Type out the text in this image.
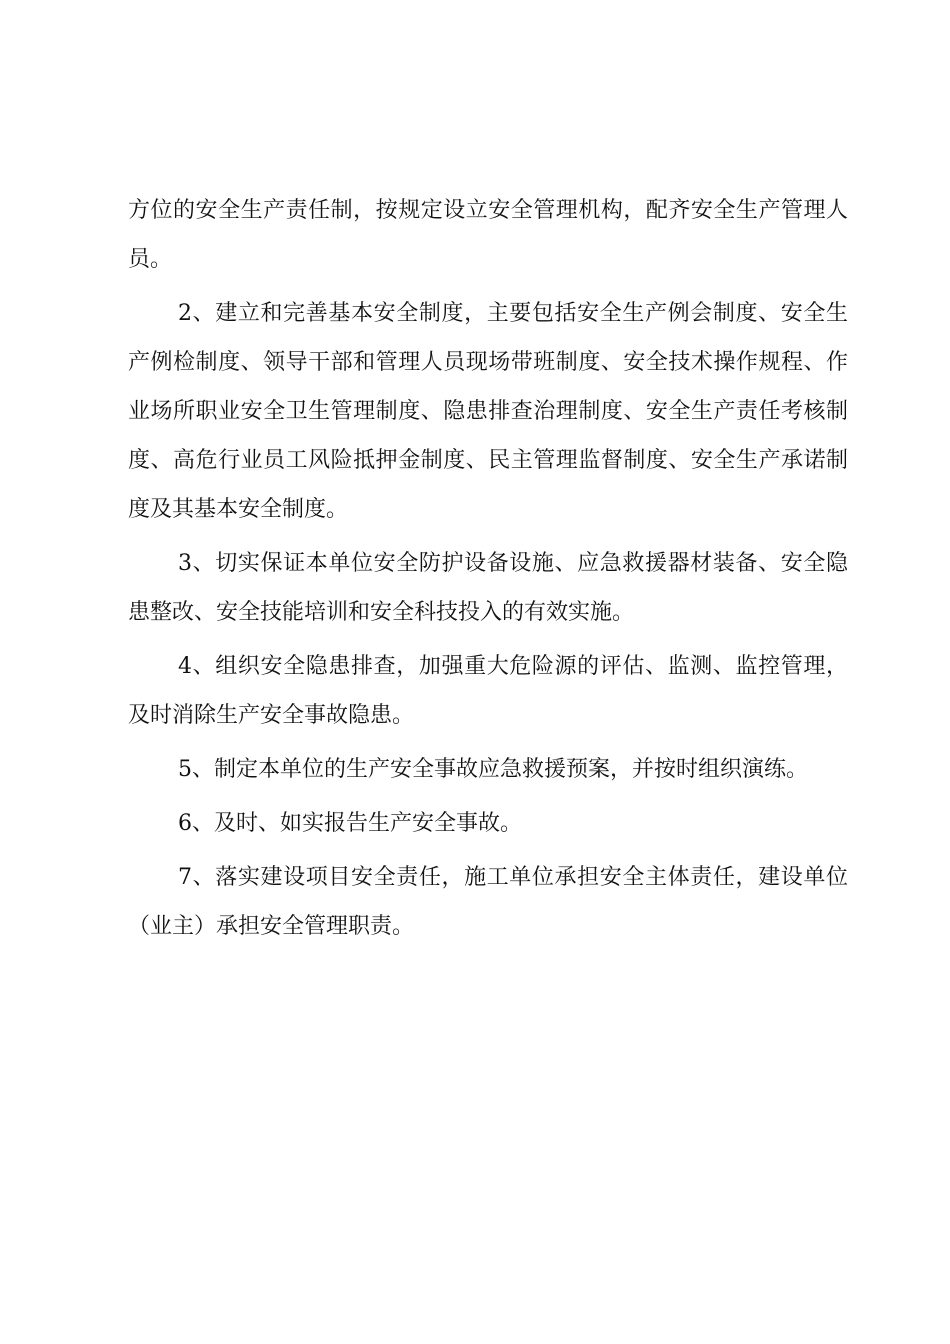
方位的安全生产责任制，按规定设立安全管理机构，配齐安全生产管理人员。

2、建立和完善基本安全制度，主要包括安全生产例会制度、安全生产例检制度、领导干部和管理人员现场带班制度、安全技术操作规程、作业场所职业安全卫生管理制度、隐患排查治理制度、安全生产责任考核制度、高危行业员工风险抵押金制度、民主管理监督制度、安全生产承诺制度及其基本安全制度。

3、切实保证本单位安全防护设备设施、应急救援器材装备、安全隐患整改、安全技能培训和安全科技投入的有效实施。

4、组织安全隐患排查，加强重大危险源的评估、监测、监控管理，及时消除生产安全事故隐患。

5、制定本单位的生产安全事故应急救援预案，并按时组织演练。

6、及时、如实报告生产安全事故。

7、落实建设项目安全责任，施工单位承担安全主体责任，建设单位（业主）承担安全管理职责。
